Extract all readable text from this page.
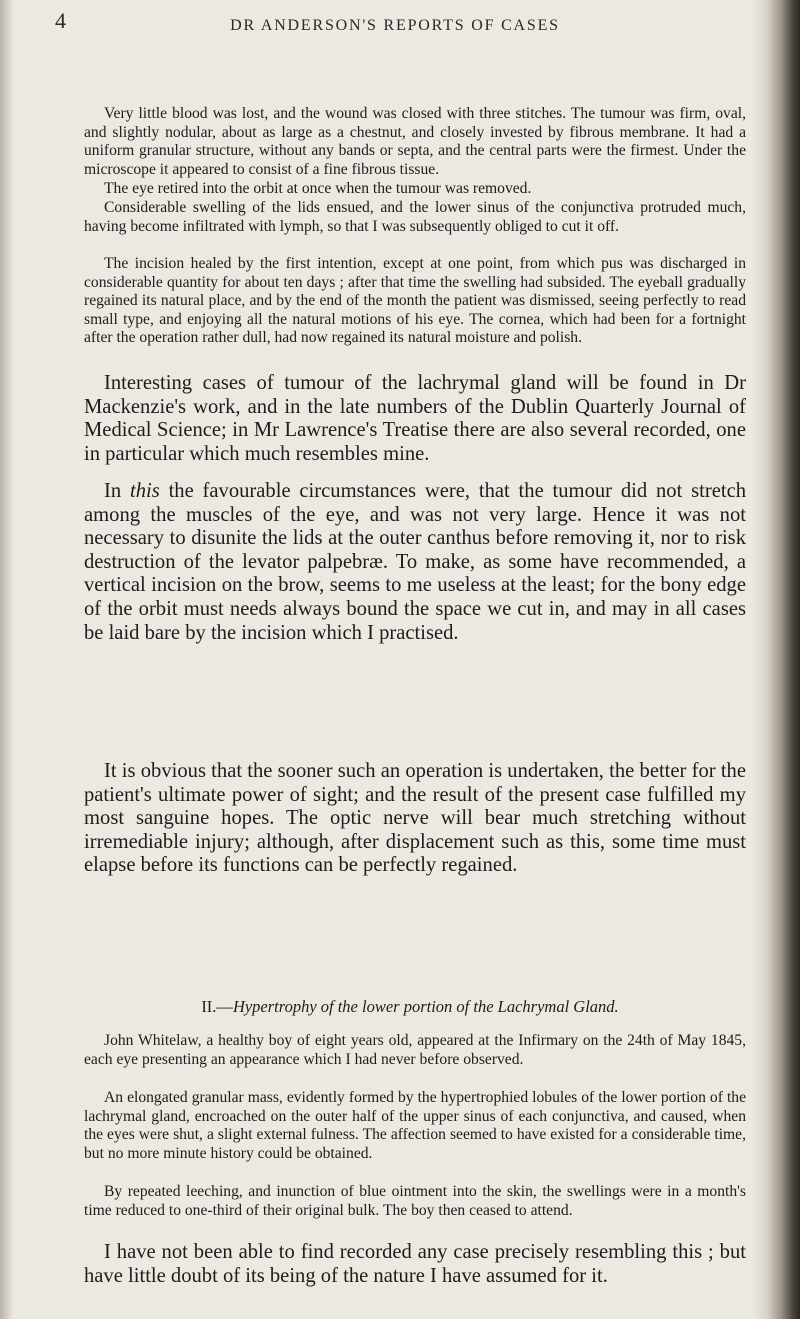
4	DR ANDERSON'S REPORTS OF CASES

Very little blood was lost, and the wound was closed with three stitches. The tumour was firm, oval, and slightly nodular, about as large as a chestnut, and closely invested by fibrous membrane. It had a uniform granular structure, without any bands or septa, and the central parts were the firmest. Under the microscope it appeared to consist of a fine fibrous tissue.

The eye retired into the orbit at once when the tumour was removed.

Considerable swelling of the lids ensued, and the lower sinus of the conjunctiva protruded much, having become infiltrated with lymph, so that I was subsequently obliged to cut it off.

The incision healed by the first intention, except at one point, from which pus was discharged in considerable quantity for about ten days ; after that time the swelling had subsided. The eyeball gradually regained its natural place, and by the end of the month the patient was dismissed, seeing perfectly to read small type, and enjoying all the natural motions of his eye. The cornea, which had been for a fortnight after the operation rather dull, had now regained its natural moisture and polish.

Interesting cases of tumour of the lachrymal gland will be found in Dr Mackenzie's work, and in the late numbers of the Dublin Quarterly Journal of Medical Science; in Mr Lawrence's Treatise there are also several recorded, one in particular which much resembles mine.

In this the favourable circumstances were, that the tumour did not stretch among the muscles of the eye, and was not very large. Hence it was not necessary to disunite the lids at the outer canthus before removing it, nor to risk destruction of the levator palpebræ. To make, as some have recommended, a vertical incision on the brow, seems to me useless at the least; for the bony edge of the orbit must needs always bound the space we cut in, and may in all cases be laid bare by the incision which I practised.

It is obvious that the sooner such an operation is undertaken, the better for the patient's ultimate power of sight; and the result of the present case fulfilled my most sanguine hopes. The optic nerve will bear much stretching without irremediable injury; although, after displacement such as this, some time must elapse before its functions can be perfectly regained.

II.—Hypertrophy of the lower portion of the Lachrymal Gland.

John Whitelaw, a healthy boy of eight years old, appeared at the Infirmary on the 24th of May 1845, each eye presenting an appearance which I had never before observed.

An elongated granular mass, evidently formed by the hypertrophied lobules of the lower portion of the lachrymal gland, encroached on the outer half of the upper sinus of each conjunctiva, and caused, when the eyes were shut, a slight external fulness. The affection seemed to have existed for a considerable time, but no more minute history could be obtained.

By repeated leeching, and inunction of blue ointment into the skin, the swellings were in a month's time reduced to one-third of their original bulk. The boy then ceased to attend.

I have not been able to find recorded any case precisely resembling this ; but have little doubt of its being of the nature I have assumed for it.
